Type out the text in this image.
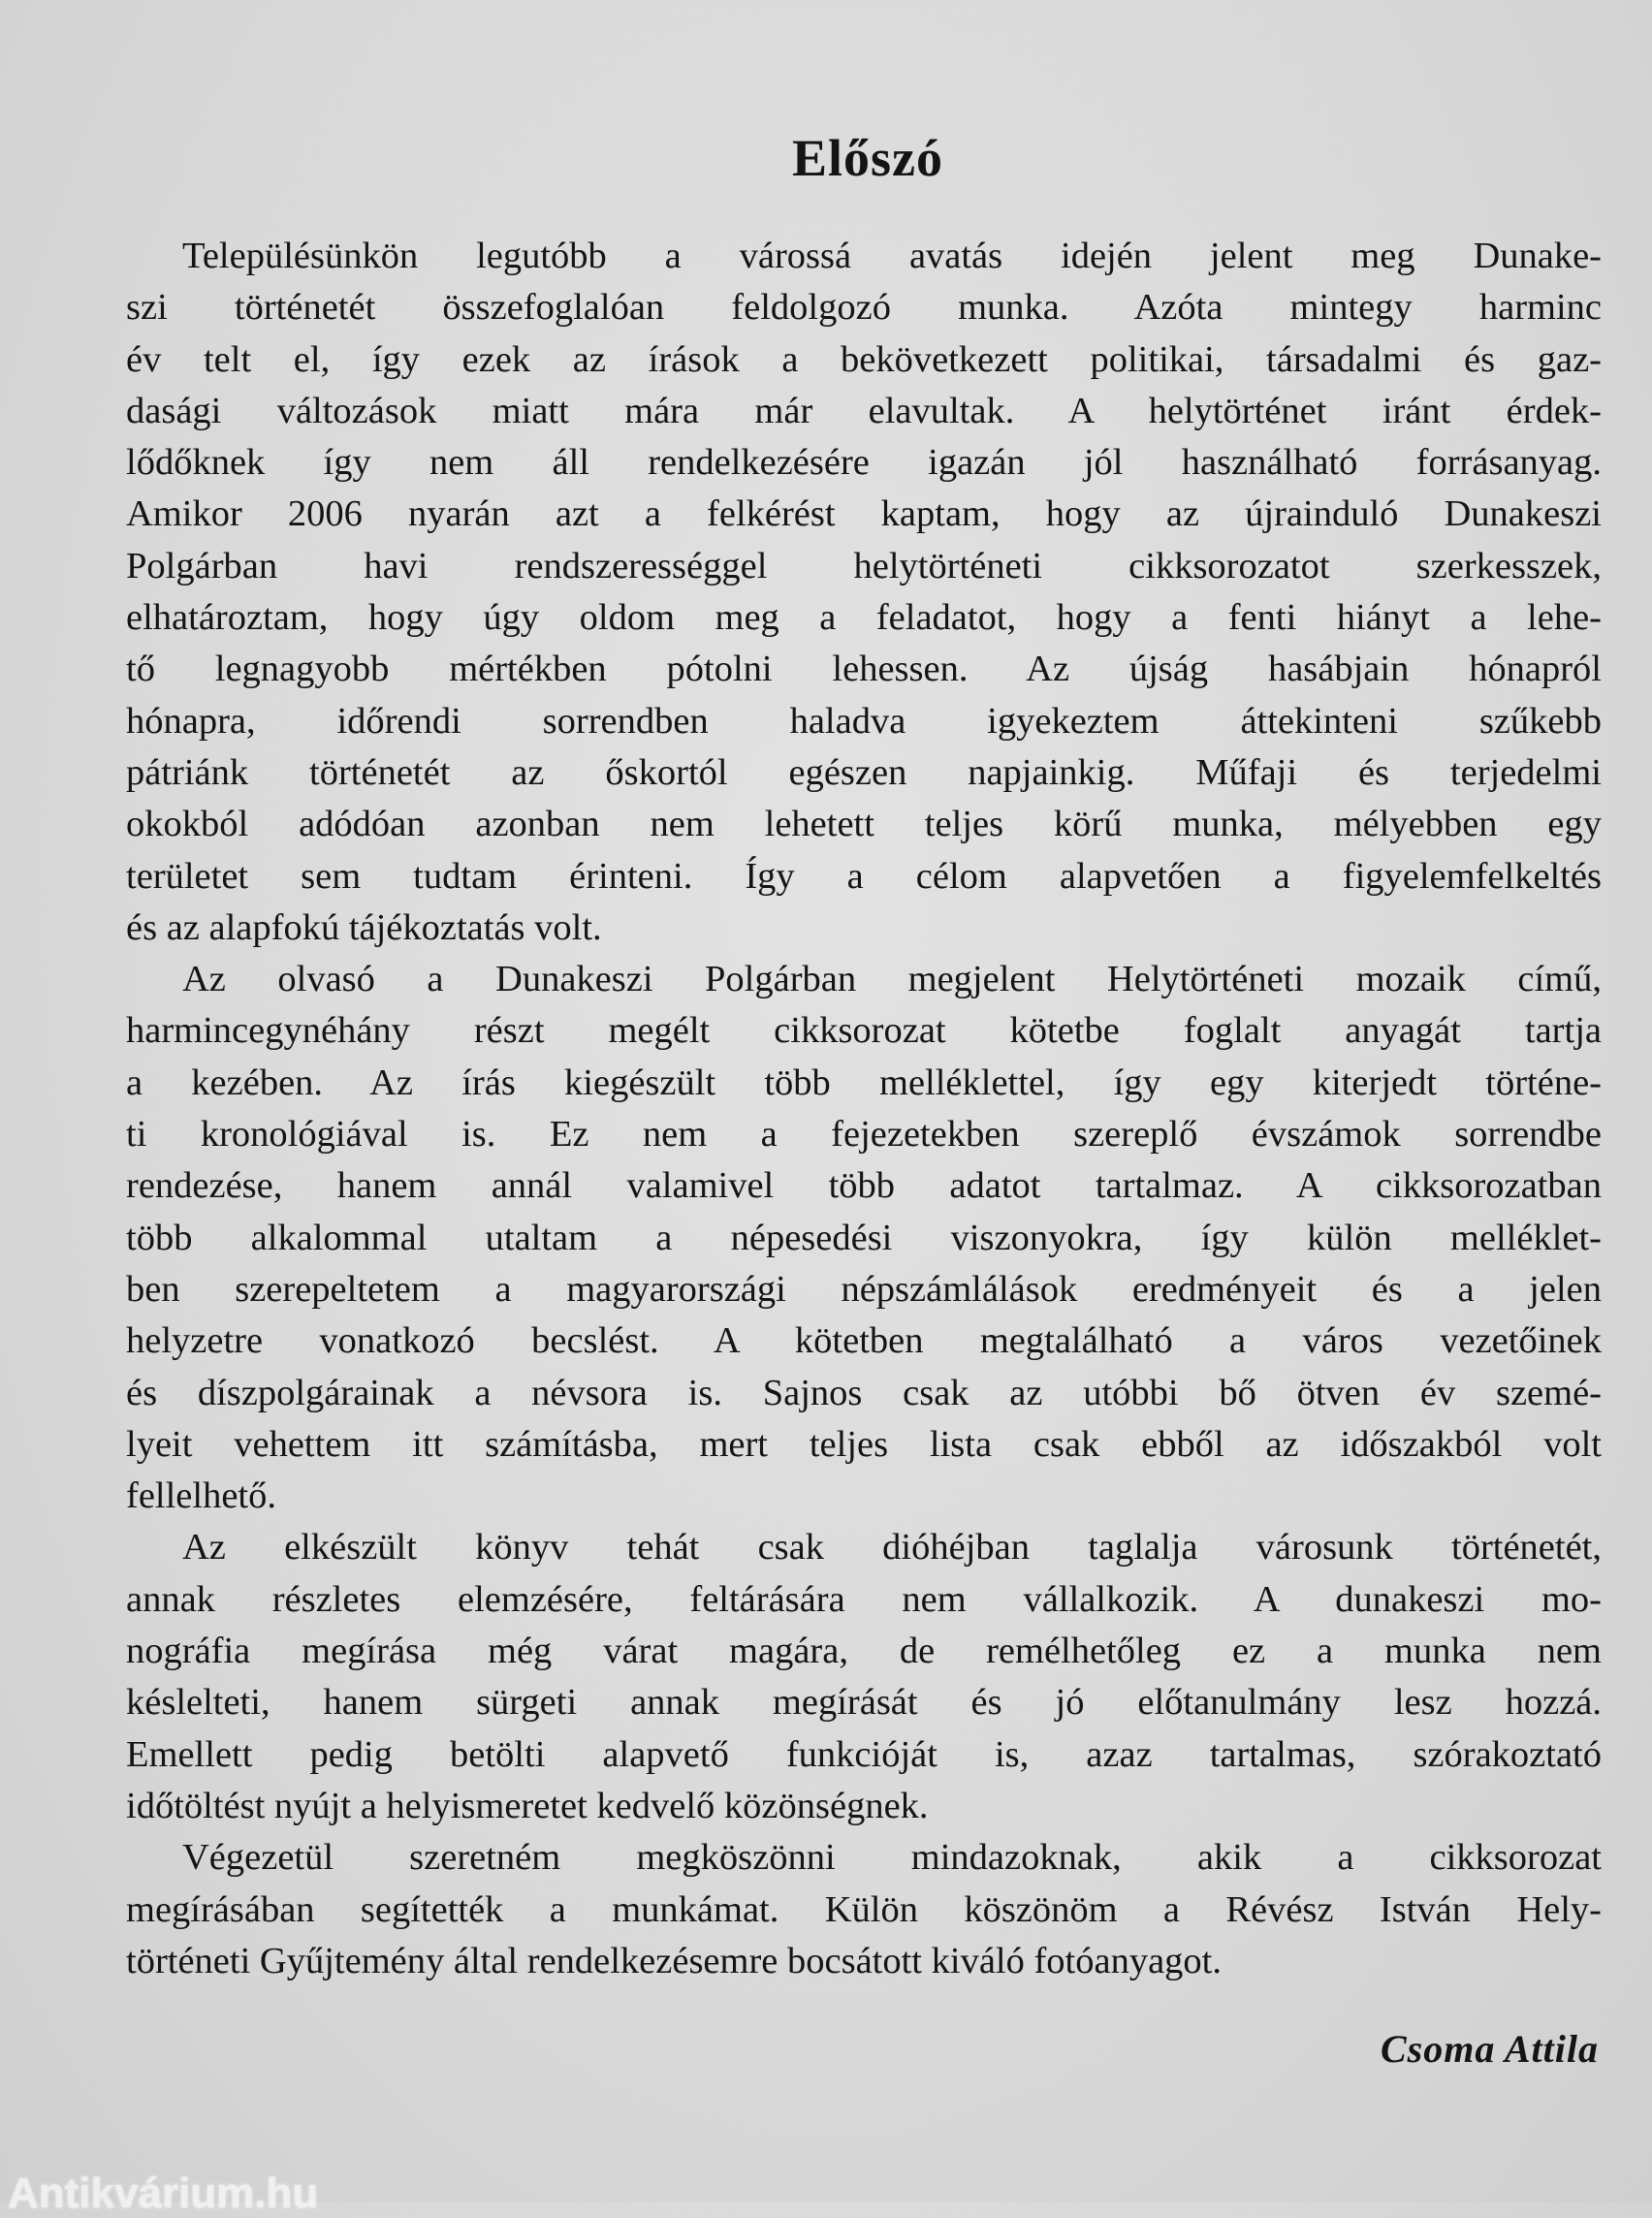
Előszó
Településünkön legutóbb a várossá avatás idején jelent meg Dunake-
szi történetét összefoglalóan feldolgozó munka. Azóta mintegy harminc
év telt el, így ezek az írások a bekövetkezett politikai, társadalmi és gaz-
dasági változások miatt mára már elavultak. A helytörténet iránt érdek-
lődőknek így nem áll rendelkezésére igazán jól használható forrásanyag.
Amikor 2006 nyarán azt a felkérést kaptam, hogy az újrainduló Dunakeszi
Polgárban havi rendszerességgel helytörténeti cikksorozatot szerkesszek,
elhatároztam, hogy úgy oldom meg a feladatot, hogy a fenti hiányt a lehe-
tő legnagyobb mértékben pótolni lehessen. Az újság hasábjain hónapról
hónapra, időrendi sorrendben haladva igyekeztem áttekinteni szűkebb
pátriánk történetét az őskortól egészen napjainkig. Műfaji és terjedelmi
okokból adódóan azonban nem lehetett teljes körű munka, mélyebben egy
területet sem tudtam érinteni. Így a célom alapvetően a figyelemfelkeltés
és az alapfokú tájékoztatás volt.
Az olvasó a Dunakeszi Polgárban megjelent Helytörténeti mozaik című,
harmincegynéhány részt megélt cikksorozat kötetbe foglalt anyagát tartja
a kezében. Az írás kiegészült több melléklettel, így egy kiterjedt történe-
ti kronológiával is. Ez nem a fejezetekben szereplő évszámok sorrendbe
rendezése, hanem annál valamivel több adatot tartalmaz. A cikksorozatban
több alkalommal utaltam a népesedési viszonyokra, így külön melléklet-
ben szerepeltetem a magyarországi népszámlálások eredményeit és a jelen
helyzetre vonatkozó becslést. A kötetben megtalálható a város vezetőinek
és díszpolgárainak a névsora is. Sajnos csak az utóbbi bő ötven év szemé-
lyeit vehettem itt számításba, mert teljes lista csak ebből az időszakból volt
fellelhető.
Az elkészült könyv tehát csak dióhéjban taglalja városunk történetét,
annak részletes elemzésére, feltárására nem vállalkozik. A dunakeszi mo-
nográfia megírása még várat magára, de remélhetőleg ez a munka nem
késlelteti, hanem sürgeti annak megírását és jó előtanulmány lesz hozzá.
Emellett pedig betölti alapvető funkcióját is, azaz tartalmas, szórakoztató
időtöltést nyújt a helyismeretet kedvelő közönségnek.
Végezetül szeretném megköszönni mindazoknak, akik a cikksorozat
megírásában segítették a munkámat. Külön köszönöm a Révész István Hely-
történeti Gyűjtemény által rendelkezésemre bocsátott kiváló fotóanyagot.
Csoma Attila
Antikvárium.hu
